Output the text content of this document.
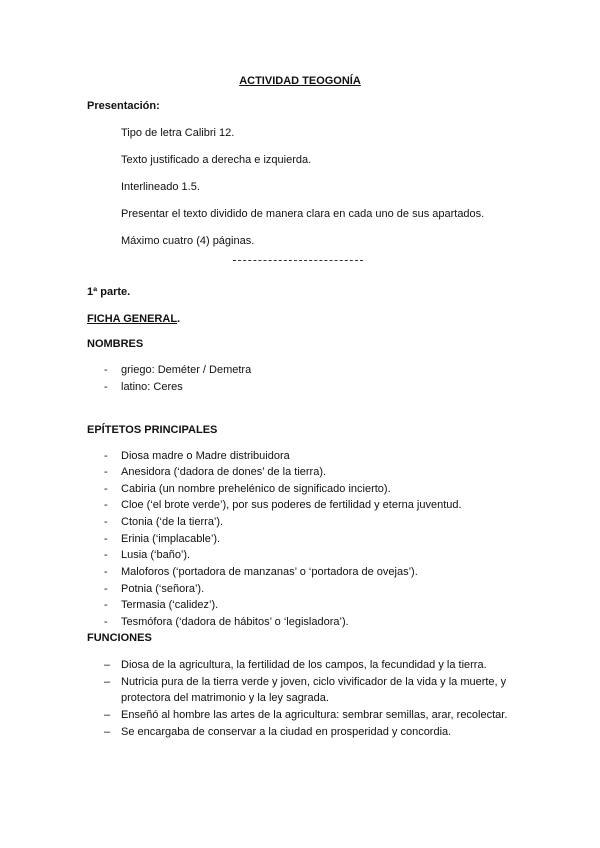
ACTIVIDAD TEOGONÍA
Presentación:
Tipo de letra Calibri 12.
Texto justificado a derecha e izquierda.
Interlineado 1.5.
Presentar el texto dividido de manera clara en cada uno de sus apartados.
Máximo cuatro (4) páginas.
1ª parte.
FICHA GENERAL.
NOMBRES
- griego: Deméter / Demetra
- latino: Ceres
EPÍTETOS PRINCIPALES
- Diosa madre o Madre distribuidora
- Anesidora (‘dadora de dones’ de la tierra).
- Cabiria (un nombre prehelénico de significado incierto).
- Cloe (‘el brote verde’), por sus poderes de fertilidad y eterna juventud.
- Ctonia (‘de la tierra’).
- Erinia (‘implacable’).
- Lusia (‘baño’).
- Maloforos (‘portadora de manzanas’ o ‘portadora de ovejas’).
- Potnia (‘señora’).
- Termasia (‘calidez’).
- Tesmófora (‘dadora de hábitos’ o ‘legisladora’).
FUNCIONES
– Diosa de la agricultura, la fertilidad de los campos, la fecundidad y la tierra.
– Nutricia pura de la tierra verde y joven, ciclo vivificador de la vida y la muerte, y
protectora del matrimonio y la ley sagrada.
– Enseñó al hombre las artes de la agricultura: sembrar semillas, arar, recolectar.
– Se encargaba de conservar a la ciudad en prosperidad y concordia.
